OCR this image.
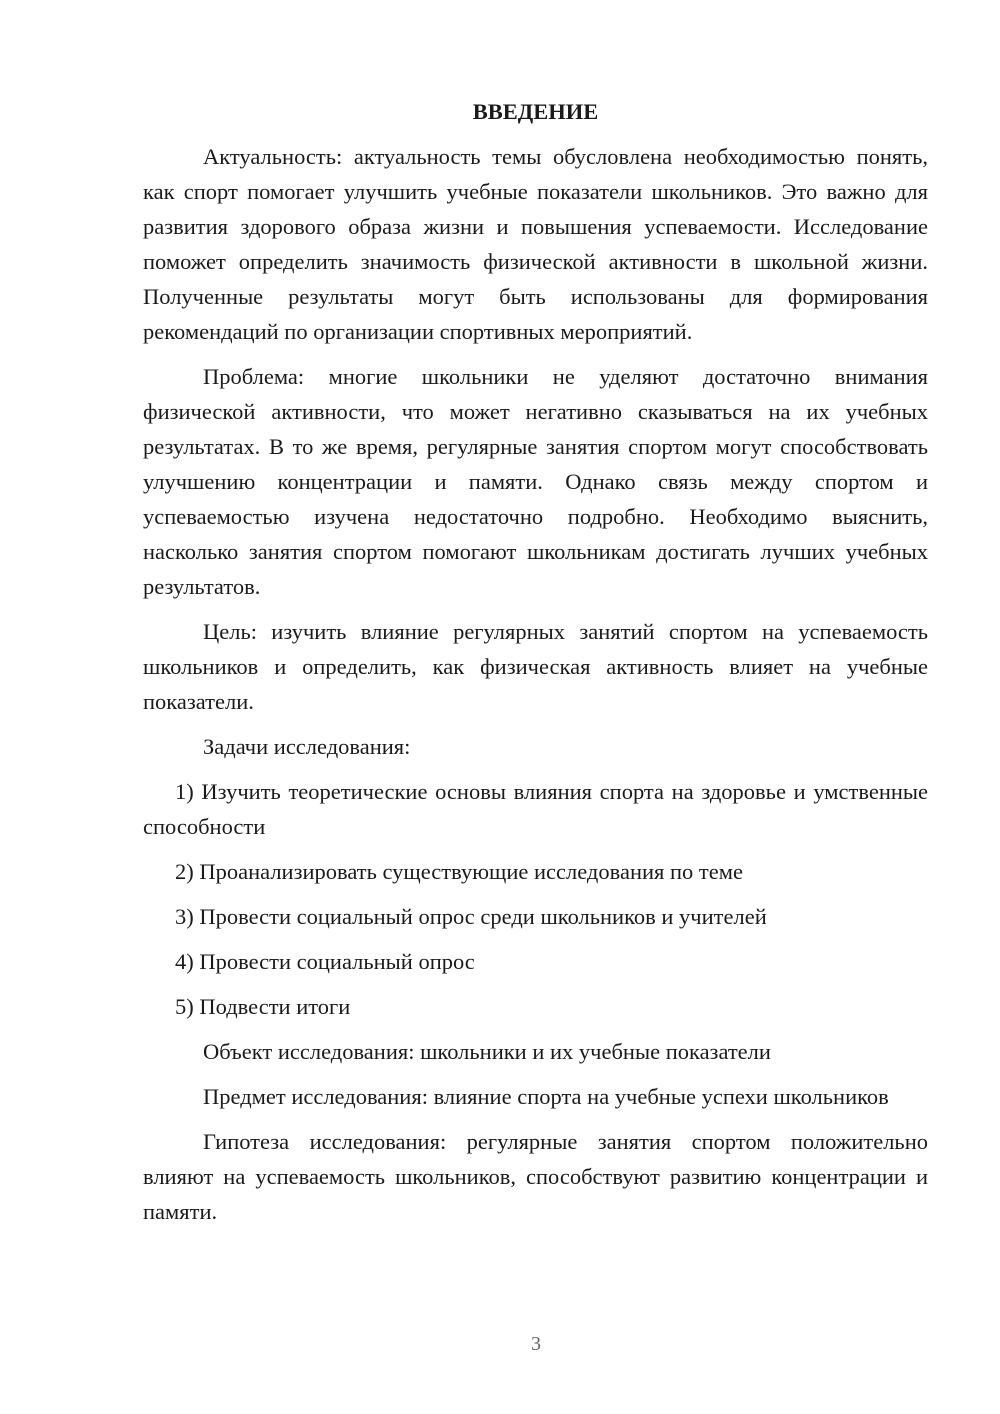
ВВЕДЕНИЕ

Актуальность: актуальность темы обусловлена необходимостью понять, как спорт помогает улучшить учебные показатели школьников. Это важно для развития здорового образа жизни и повышения успеваемости. Исследование поможет определить значимость физической активности в школьной жизни. Полученные результаты могут быть использованы для формирования рекомендаций по организации спортивных мероприятий.

Проблема: многие школьники не уделяют достаточно внимания физической активности, что может негативно сказываться на их учебных результатах. В то же время, регулярные занятия спортом могут способствовать улучшению концентрации и памяти. Однако связь между спортом и успеваемостью изучена недостаточно подробно. Необходимо выяснить, насколько занятия спортом помогают школьникам достигать лучших учебных результатов.

Цель: изучить влияние регулярных занятий спортом на успеваемость школьников и определить, как физическая активность влияет на учебные показатели.

Задачи исследования:

1) Изучить теоретические основы влияния спорта на здоровье и умственные способности
2) Проанализировать существующие исследования по теме
3) Провести социальный опрос среди школьников и учителей
4) Провести социальный опрос
5) Подвести итоги

Объект исследования: школьники и их учебные показатели

Предмет исследования: влияние спорта на учебные успехи школьников

Гипотеза исследования: регулярные занятия спортом положительно влияют на успеваемость школьников, способствуют развитию концентрации и памяти.

3
